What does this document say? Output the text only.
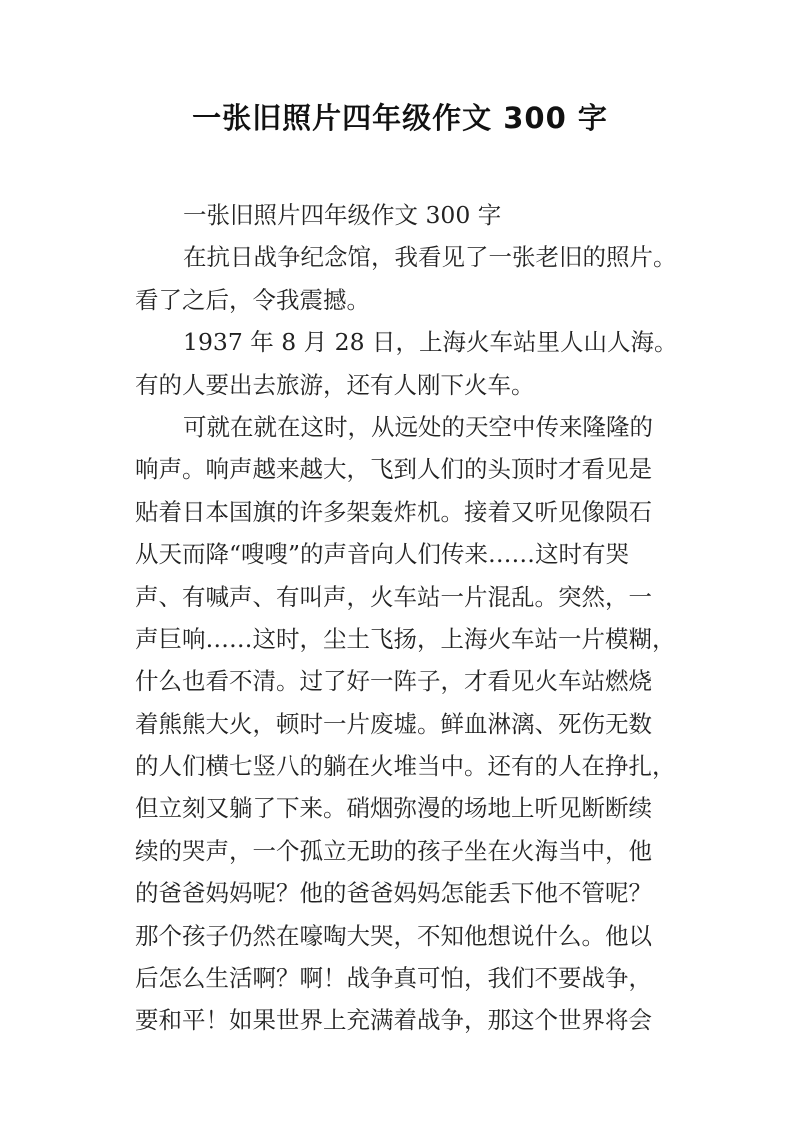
一张旧照片四年级作文 300 字
一张旧照片四年级作文 300 字
在抗日战争纪念馆，我看见了一张老旧的照片。
看了之后，令我震撼。
1937 年 8 月 28 日，上海火车站里人山人海。
有的人要出去旅游，还有人刚下火车。
可就在就在这时，从远处的天空中传来隆隆的
响声。响声越来越大，飞到人们的头顶时才看见是
贴着日本国旗的许多架轰炸机。接着又听见像陨石
从天而降“嗖嗖”的声音向人们传来……这时有哭
声、有喊声、有叫声，火车站一片混乱。突然，一
声巨响……这时，尘土飞扬，上海火车站一片模糊，
什么也看不清。过了好一阵子，才看见火车站燃烧
着熊熊大火，顿时一片废墟。鲜血淋漓、死伤无数
的人们横七竖八的躺在火堆当中。还有的人在挣扎，
但立刻又躺了下来。硝烟弥漫的场地上听见断断续
续的哭声，一个孤立无助的孩子坐在火海当中，他
的爸爸妈妈呢？他的爸爸妈妈怎能丢下他不管呢？
那个孩子仍然在嚎啕大哭，不知他想说什么。他以
后怎么生活啊？啊！战争真可怕，我们不要战争，
要和平！如果世界上充满着战争，那这个世界将会
